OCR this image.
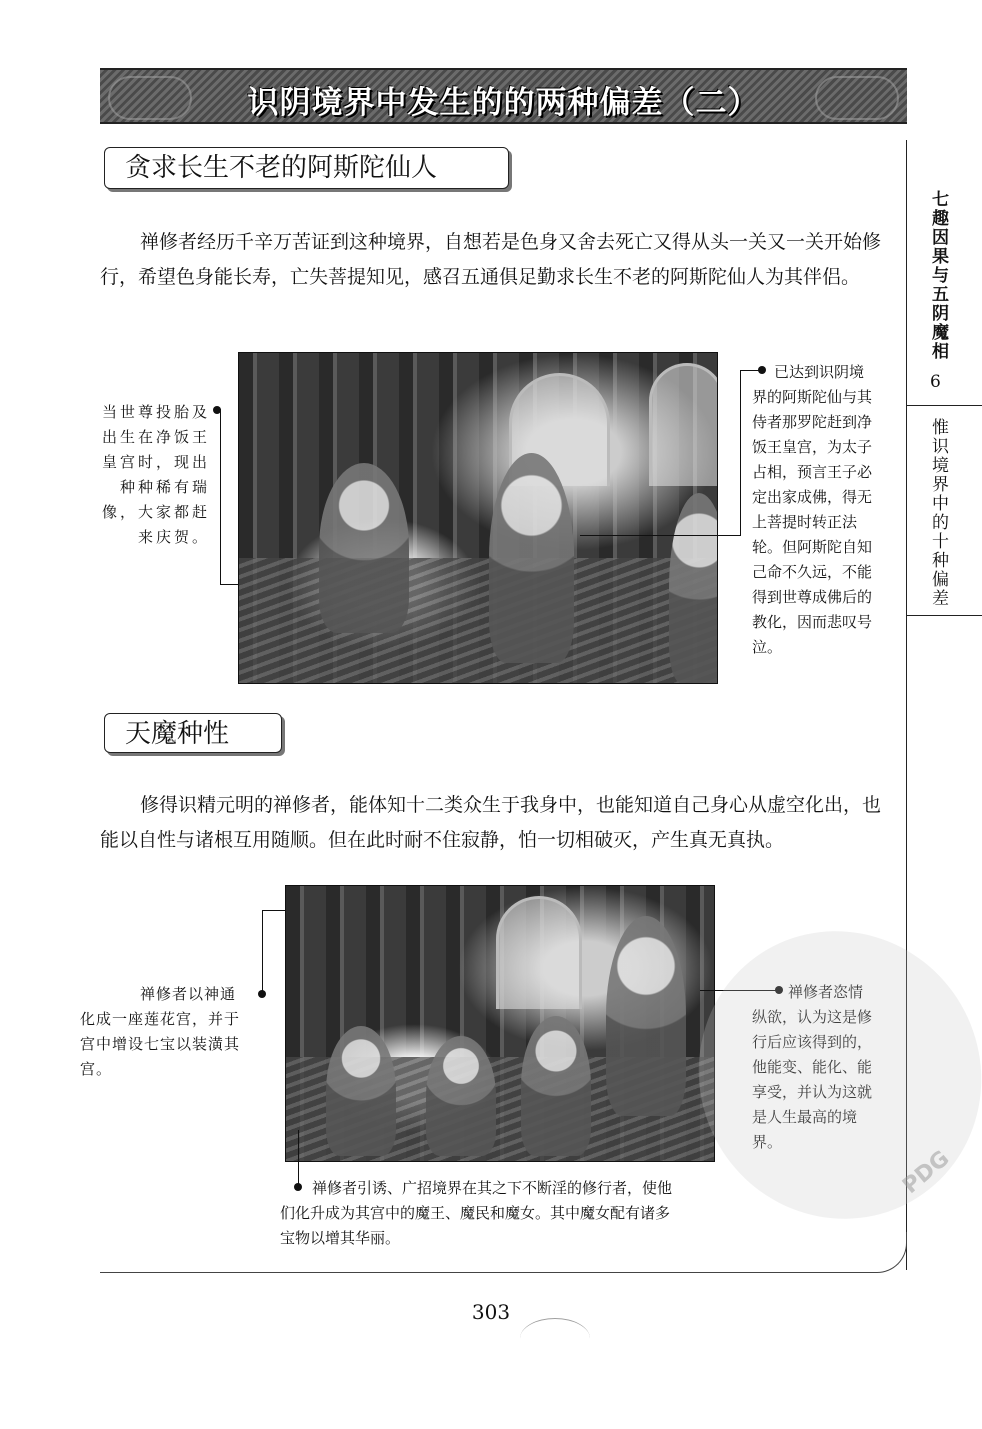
识阴境界中发生的的两种偏差（二）
七趣因果与五阴魔相
6
惟识境界中的十种偏差
贪求长生不老的阿斯陀仙人

禅修者经历千辛万苦证到这种境界，自想若是色身又舍去死亡又得从头一关又一关开始修行，希望色身能长寿，亡失菩提知见，感召五通俱足勤求长生不老的阿斯陀仙人为其伴侣。

当世尊投胎及出生在净饭王皇宫时，现出种种稀有瑞像，大家都赶来庆贺。
已达到识阴境界的阿斯陀仙与其侍者那罗陀赶到净饭王皇宫，为太子占相，预言王子必定出家成佛，得无上菩提时转正法轮。但阿斯陀自知己命不久远，不能得到世尊成佛后的教化，因而悲叹号泣。
天魔种性

修得识精元明的禅修者，能体知十二类众生于我身中，也能知道自己身心从虚空化出，也能以自性与诸根互用随顺。但在此时耐不住寂静，怕一切相破灭，产生真无真执。

禅修者以神通化成一座莲花宫，并于宫中增设七宝以装潢其宫。
禅修者恣情纵欲，认为这是修行后应该得到的，他能变、能化、能享受，并认为这就是人生最高的境界。
禅修者引诱、广招境界在其之下不断淫的修行者，使他们化升成为其宫中的魔王、魔民和魔女。其中魔女配有诸多宝物以增其华丽。
PDG
303
